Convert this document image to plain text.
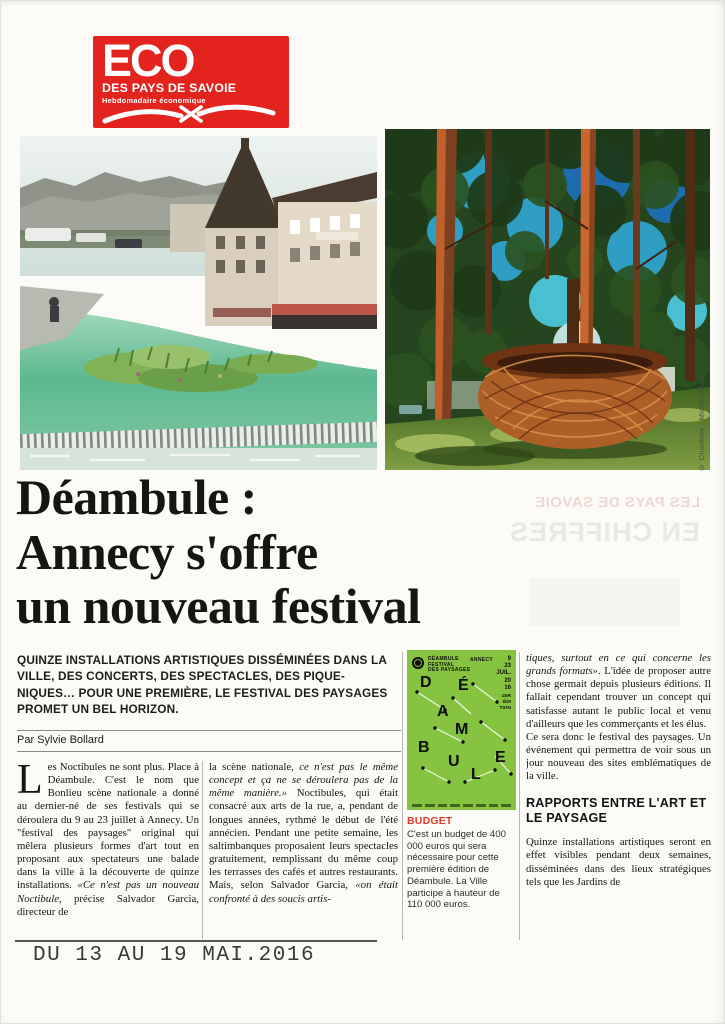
ECO
DES PAYS DE SAVOIE
Hebdomadaire économique
© Chorème : Michel Wiart
Déambule :
Annecy s'offre
un nouveau festival
LES PAYS DE SAVOIE
EN CHIFFRES
QUINZE INSTALLATIONS ARTISTIQUES DISSÉMINÉES DANS LA VILLE, DES CONCERTS, DES SPECTACLES, DES PIQUE-NIQUES… POUR UNE PREMIÈRE, LE FESTIVAL DES PAYSAGES PROMET UN BEL HORIZON.
Par Sylvie Bollard

Les Noctibules ne sont plus. Place à Déambule. C'est le nom que Bonlieu scène nationale a donné au dernier-né de ses festivals qui se déroulera du 9 au 23 juillet à Annecy. Un "festival des paysages" original qui mêlera plusieurs formes d'art tout en proposant aux spectateurs une balade dans la ville à la découverte de quinze installations. «Ce n'est pas un nouveau Noctibule, précise Salvador Garcia, directeur de

la scène nationale, ce n'est pas le même concept et ça ne se déroulera pas de la même manière.» Noctibules, qui était consacré aux arts de la rue, a, pendant de longues années, rythmé le début de l'été annécien. Pendant une petite semaine, les saltimbanques proposaient leurs spectacles gratuitement, remplissant du même coup les terrasses des cafés et autres restaurants. Mais, selon Salvador Garcia, «on était confronté à des soucis artis-

DÉAMBULE
FESTIVAL
DES PAYSAGES
ANNECY	9
23
JUIL.
20
16
1ER
ÉDI
TION
D É
A
M
B
U
L
E
BUDGET
C'est un budget de 400 000 euros qui sera nécessaire pour cette première édition de Déambule. La Ville participe à hauteur de 110 000 euros.

tiques, surtout en ce qui concerne les grands formats». L'idée de proposer autre chose germait depuis plusieurs éditions. Il fallait cependant trouver un concept qui satisfasse autant le public local et venu d'ailleurs que les commerçants et les élus.

Ce sera donc le festival des paysages. Un événement qui permettra de voir sous un jour nouveau des sites emblématiques de la ville.

RAPPORTS ENTRE L'ART ET LE PAYSAGE

Quinze installations artistiques seront en effet visibles pendant deux semaines, disséminées dans des lieux stratégiques tels que les Jardins de

DU 13 AU 19 MAI.2016
